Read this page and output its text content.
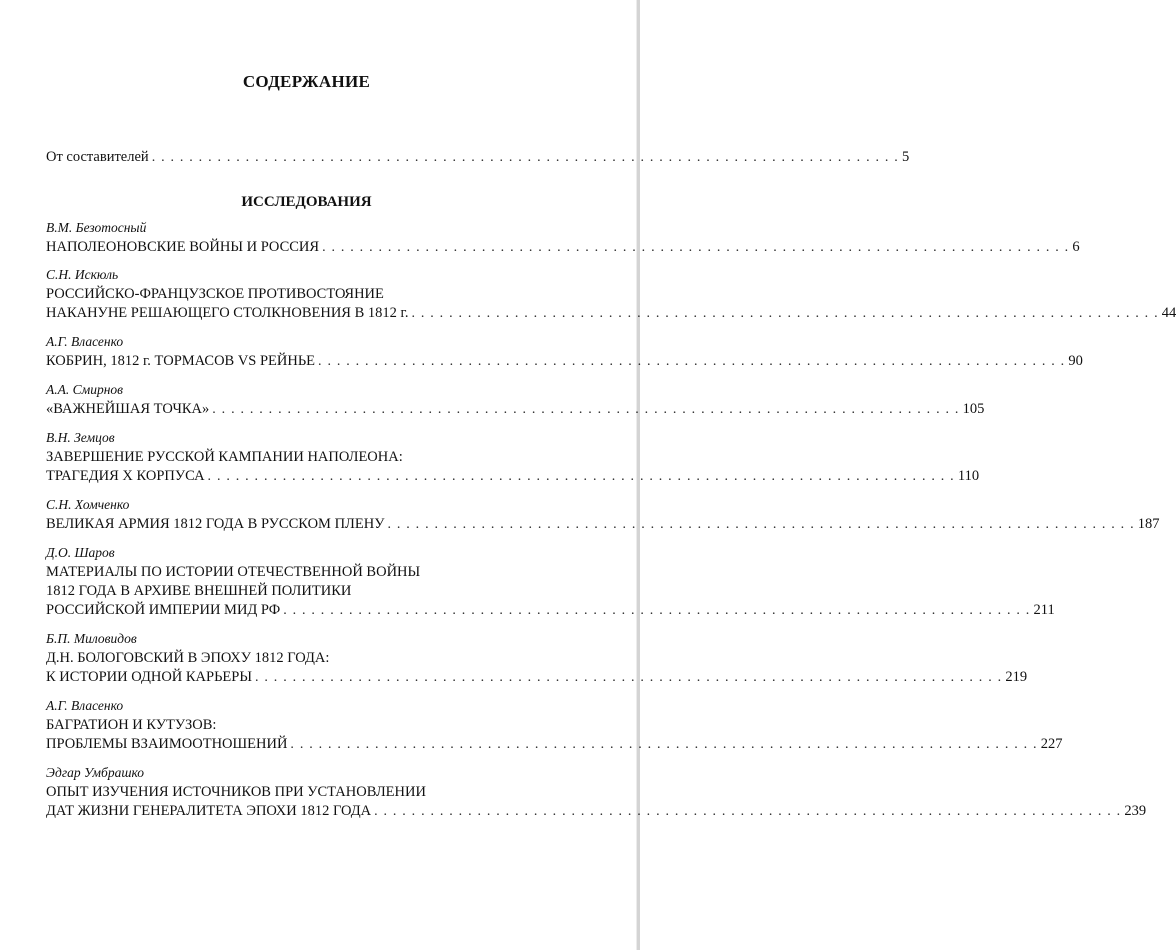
СОДЕРЖАНИЕ
От составителей . . . . . . . . . . . . . . . . . . . . . . . . . . . . . . . . . . . . . . . . . . . . . . . . . . . . . . . . . . . . . . . . . . . . . . . . . . . . . . . . 5
ИССЛЕДОВАНИЯ
В.М. Безотосный
НАПОЛЕОНОВСКИЕ ВОЙНЫ И РОССИЯ . . . . . . . . . . . . . . . . . . . . . . . . . . . . . . . . . . . . . . . . . . . . . . . . . . . . . . . . . . . . . . . . . . . . . . . . . . . . . . . . 6
С.Н. Искюль
РОССИЙСКО-ФРАНЦУЗСКОЕ ПРОТИВОСТОЯНИЕ
НАКАНУНЕ РЕШАЮЩЕГО СТОЛКНОВЕНИЯ В 1812 г. . . . . . . . . . . . . . . . . . . . . . . . . . . . . . . . . . . . . . . . . . . . . . . . . . . . . . . . . . . . . . . . . . . . . . . . . . . . . . . . . 44
А.Г. Власенко
КОБРИН, 1812 г. ТОРМАСОВ VS РЕЙНЬЕ . . . . . . . . . . . . . . . . . . . . . . . . . . . . . . . . . . . . . . . . . . . . . . . . . . . . . . . . . . . . . . . . . . . . . . . . . . . . . . . . 90
А.А. Смирнов
«ВАЖНЕЙШАЯ ТОЧКА» . . . . . . . . . . . . . . . . . . . . . . . . . . . . . . . . . . . . . . . . . . . . . . . . . . . . . . . . . . . . . . . . . . . . . . . . . . . . . . . . 105
В.Н. Земцов
ЗАВЕРШЕНИЕ РУССКОЙ КАМПАНИИ НАПОЛЕОНА:
ТРАГЕДИЯ Х КОРПУСА . . . . . . . . . . . . . . . . . . . . . . . . . . . . . . . . . . . . . . . . . . . . . . . . . . . . . . . . . . . . . . . . . . . . . . . . . . . . . . . . 110
С.Н. Хомченко
ВЕЛИКАЯ АРМИЯ 1812 ГОДА В РУССКОМ ПЛЕНУ . . . . . . . . . . . . . . . . . . . . . . . . . . . . . . . . . . . . . . . . . . . . . . . . . . . . . . . . . . . . . . . . . . . . . . . . . . . . . . . . 187
Д.О. Шаров
МАТЕРИАЛЫ ПО ИСТОРИИ ОТЕЧЕСТВЕННОЙ ВОЙНЫ
1812 ГОДА В АРХИВЕ ВНЕШНЕЙ ПОЛИТИКИ
РОССИЙСКОЙ ИМПЕРИИ МИД РФ . . . . . . . . . . . . . . . . . . . . . . . . . . . . . . . . . . . . . . . . . . . . . . . . . . . . . . . . . . . . . . . . . . . . . . . . . . . . . . . . 211
Б.П. Миловидов
Д.Н. БОЛОГОВСКИЙ В ЭПОХУ 1812 ГОДА:
К ИСТОРИИ ОДНОЙ КАРЬЕРЫ . . . . . . . . . . . . . . . . . . . . . . . . . . . . . . . . . . . . . . . . . . . . . . . . . . . . . . . . . . . . . . . . . . . . . . . . . . . . . . . . 219
А.Г. Власенко
БАГРАТИОН И КУТУЗОВ:
ПРОБЛЕМЫ ВЗАИМООТНОШЕНИЙ . . . . . . . . . . . . . . . . . . . . . . . . . . . . . . . . . . . . . . . . . . . . . . . . . . . . . . . . . . . . . . . . . . . . . . . . . . . . . . . . 227
Эдгар Умбрашко
ОПЫТ ИЗУЧЕНИЯ ИСТОЧНИКОВ ПРИ УСТАНОВЛЕНИИ
ДАТ ЖИЗНИ ГЕНЕРАЛИТЕТА ЭПОХИ 1812 ГОДА . . . . . . . . . . . . . . . . . . . . . . . . . . . . . . . . . . . . . . . . . . . . . . . . . . . . . . . . . . . . . . . . . . . . . . . . . . . . . . . . 239
